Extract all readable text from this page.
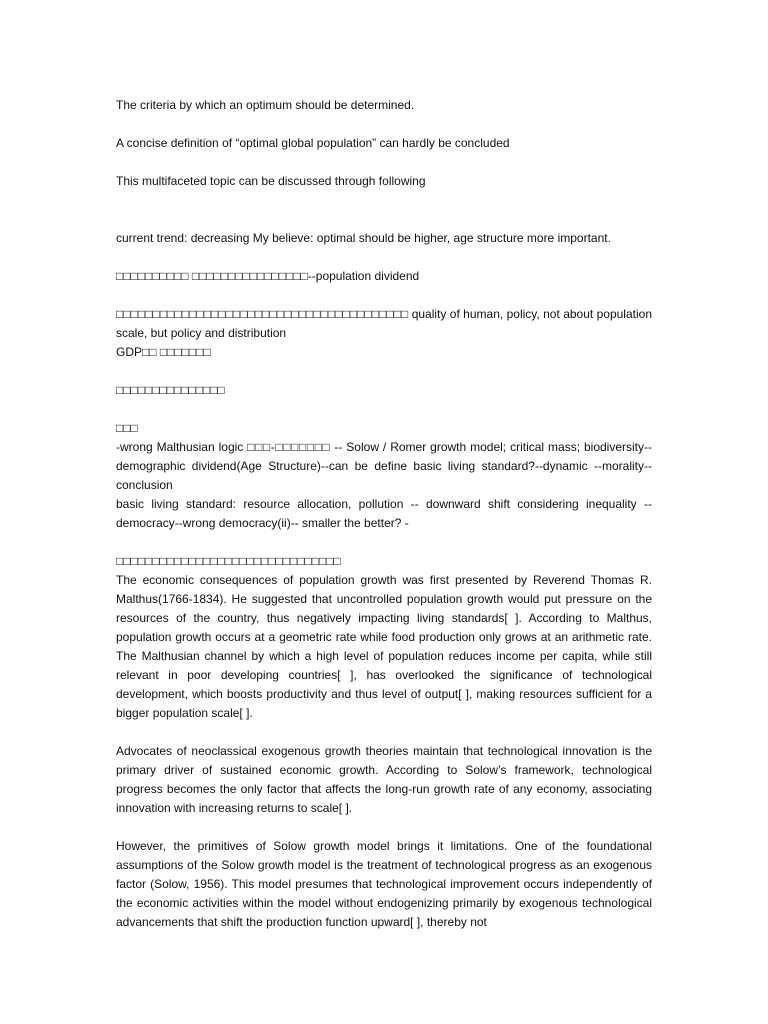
The criteria by which an optimum should be determined.

A concise definition of “optimal global population” can hardly be concluded

This multifaceted topic can be discussed through following

current trend: decreasing My believe: optimal should be higher, age structure more important.

□□□□□□□□□□ □□□□□□□□□□□□□□□□--population dividend

□□□□□□□□□□□□□□□□□□□□□□□□□□□□□□□□□□□□□□□□ quality of human, policy, not about population scale, but policy and distribution

GDP□□ □□□□□□□

□□□□□□□□□□□□□□□

□□□

-wrong Malthusian logic □□□-□□□□□□□ -- Solow / Romer growth model; critical mass; biodiversity--demographic dividend(Age Structure)--can be define basic living standard?--dynamic --morality--conclusion

basic living standard: resource allocation, pollution -- downward shift considering inequality -- democracy--wrong democracy(ii)-- smaller the better? -

□□□□□□□□□□□□□□□□□□□□□□□□□□□□□□□

The economic consequences of population growth was first presented by Reverend Thomas R. Malthus(1766-1834). He suggested that uncontrolled population growth would put pressure on the resources of the country, thus negatively impacting living standards[ ]. According to Malthus, population growth occurs at a geometric rate while food production only grows at an arithmetic rate. The Malthusian channel by which a high level of population reduces income per capita, while still relevant in poor developing countries[ ], has overlooked the significance of technological development, which boosts productivity and thus level of output[ ], making resources sufficient for a bigger population scale[ ].

Advocates of neoclassical exogenous growth theories maintain that technological innovation is the primary driver of sustained economic growth. According to Solow’s framework, technological progress becomes the only factor that affects the long-run growth rate of any economy, associating innovation with increasing returns to scale[ ].

However, the primitives of Solow growth model brings it limitations. One of the foundational assumptions of the Solow growth model is the treatment of technological progress as an exogenous factor (Solow, 1956). This model presumes that technological improvement occurs independently of the economic activities within the model without endogenizing primarily by exogenous technological advancements that shift the production function upward[ ], thereby not
